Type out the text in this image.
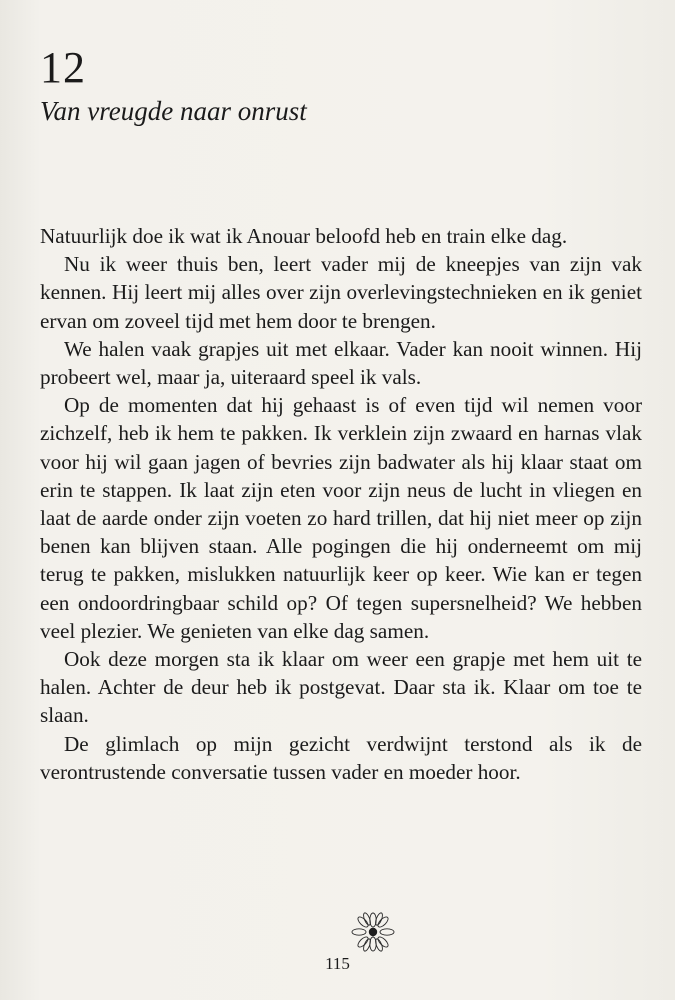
12
Van vreugde naar onrust

Natuurlijk doe ik wat ik Anouar beloofd heb en train elke dag.

Nu ik weer thuis ben, leert vader mij de kneepjes van zijn vak kennen. Hij leert mij alles over zijn overlevingstechnieken en ik geniet ervan om zoveel tijd met hem door te brengen.

We halen vaak grapjes uit met elkaar. Vader kan nooit winnen. Hij probeert wel, maar ja, uiteraard speel ik vals.

Op de momenten dat hij gehaast is of even tijd wil nemen voor zichzelf, heb ik hem te pakken. Ik verklein zijn zwaard en harnas vlak voor hij wil gaan jagen of bevries zijn badwater als hij klaar staat om erin te stappen. Ik laat zijn eten voor zijn neus de lucht in vliegen en laat de aarde onder zijn voeten zo hard trillen, dat hij niet meer op zijn benen kan blijven staan. Alle pogingen die hij onderneemt om mij terug te pakken, mislukken natuurlijk keer op keer. Wie kan er tegen een ondoordringbaar schild op? Of tegen supersnelheid? We hebben veel plezier. We genieten van elke dag samen.

Ook deze morgen sta ik klaar om weer een grapje met hem uit te halen. Achter de deur heb ik postgevat. Daar sta ik. Klaar om toe te slaan.

De glimlach op mijn gezicht verdwijnt terstond als ik de verontrustende conversatie tussen vader en moeder hoor.

115
